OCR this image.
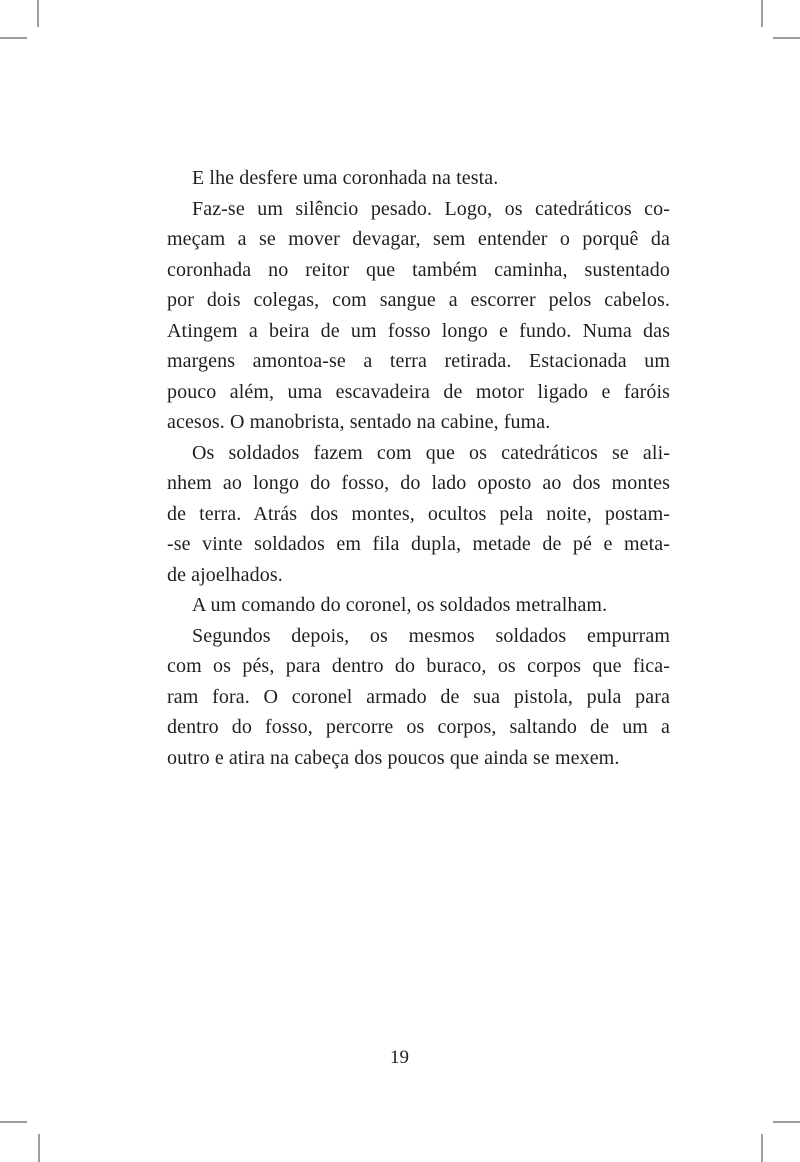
E lhe desfere uma coronhada na testa.
Faz-se um silêncio pesado. Logo, os catedráticos co-
meçam a se mover devagar, sem entender o porquê da
coronhada no reitor que também caminha, sustentado
por dois colegas, com sangue a escorrer pelos cabelos.
Atingem a beira de um fosso longo e fundo. Numa das
margens amontoa-se a terra retirada. Estacionada um
pouco além, uma escavadeira de motor ligado e faróis
acesos. O manobrista, sentado na cabine, fuma.
Os soldados fazem com que os catedráticos se ali-
nhem ao longo do fosso, do lado oposto ao dos montes
de terra. Atrás dos montes, ocultos pela noite, postam-
-se vinte soldados em fila dupla, metade de pé e meta-
de ajoelhados.
A um comando do coronel, os soldados metralham.
Segundos depois, os mesmos soldados empurram
com os pés, para dentro do buraco, os corpos que fica-
ram fora. O coronel armado de sua pistola, pula para
dentro do fosso, percorre os corpos, saltando de um a
outro e atira na cabeça dos poucos que ainda se mexem.
19
